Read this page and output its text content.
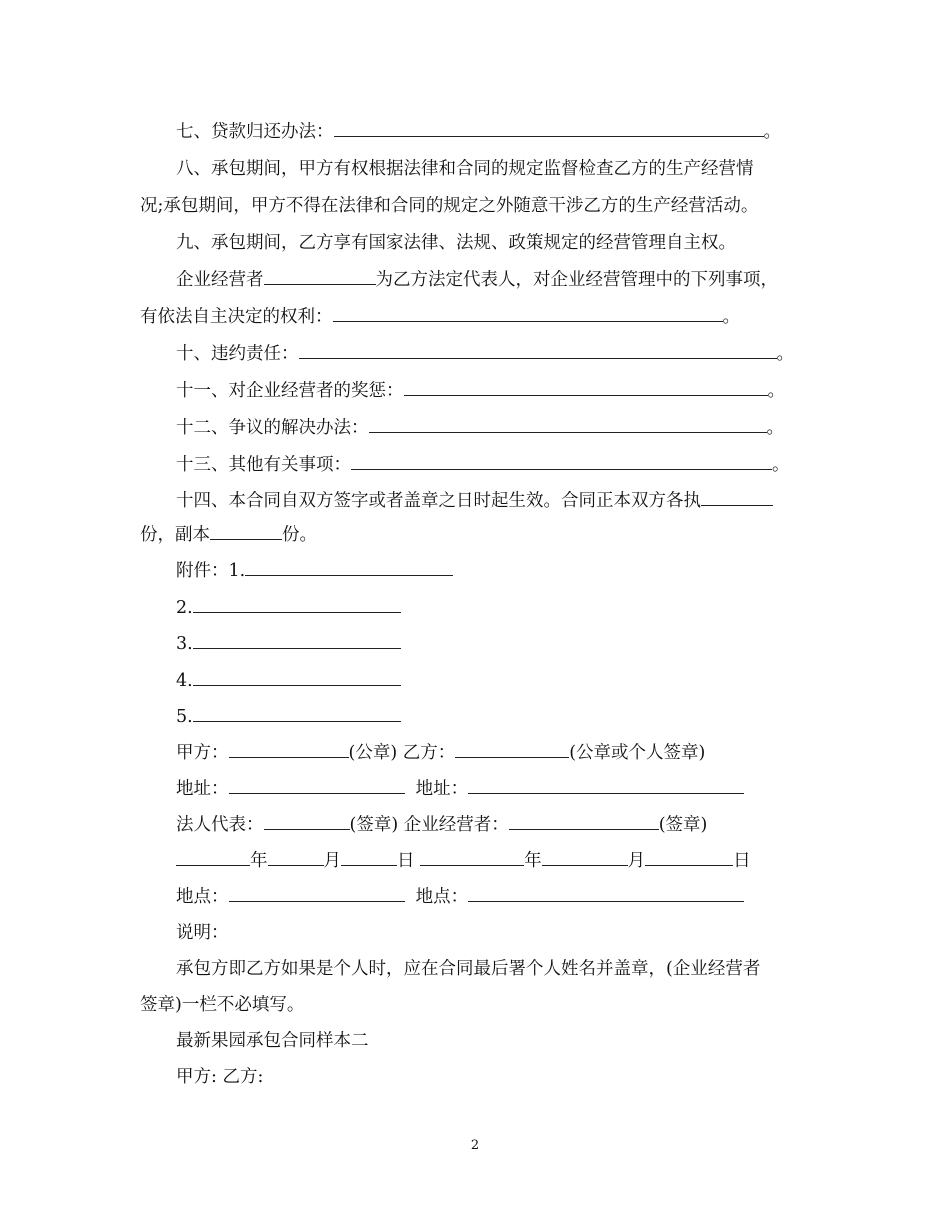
七、贷款归还办法：	。
八、承包期间，甲方有权根据法律和合同的规定监督检查乙方的生产经营情
况;承包期间，甲方不得在法律和合同的规定之外随意干涉乙方的生产经营活动。
九、承包期间，乙方享有国家法律、法规、政策规定的经营管理自主权。
企业经营者	为乙方法定代表人，对企业经营管理中的下列事项，
有依法自主决定的权利：	。
十、违约责任：	。
十一、对企业经营者的奖惩：	。
十二、争议的解决办法：	。
十三、其他有关事项：	。
十四、本合同自双方签字或者盖章之日时起生效。合同正本双方各执
份，副本	份。
附件：1.
2.
3.
4.
5.
甲方：	(公章) 乙方：	(公章或个人签章)
地址：	地址：
法人代表：	(签章) 企业经营者：	(签章)
年	月	日	年	月	日
地点：	地点：
说明：
承包方即乙方如果是个人时，应在合同最后署个人姓名并盖章，(企业经营者
签章)一栏不必填写。
最新果园承包合同样本二
甲方: 乙方:
2
